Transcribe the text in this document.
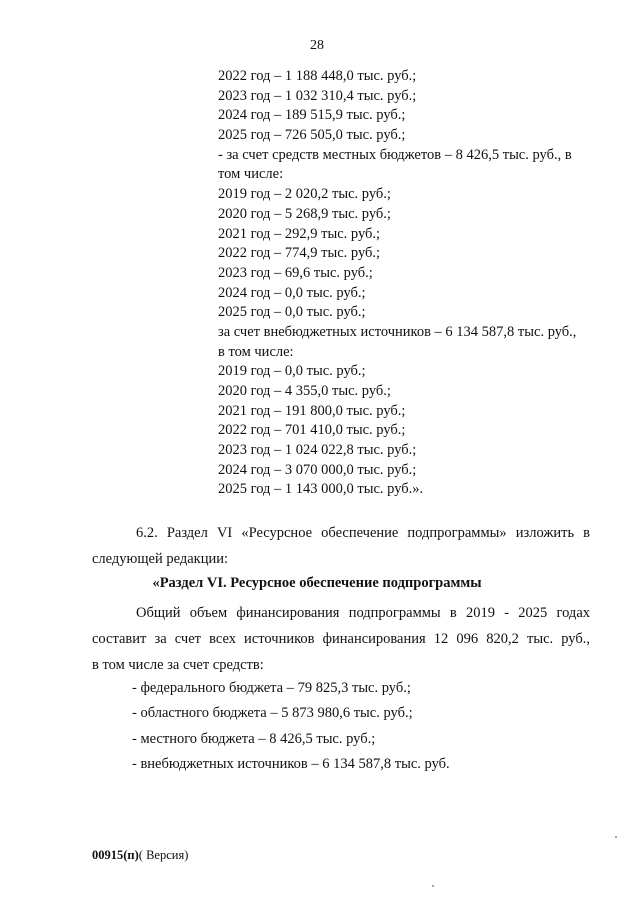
28
2022 год – 1 188 448,0 тыс. руб.;
2023 год – 1 032 310,4 тыс. руб.;
2024 год – 189 515,9 тыс. руб.;
2025 год – 726 505,0 тыс. руб.;
- за счет средств местных бюджетов – 8 426,5 тыс. руб., в
том числе:
2019 год – 2 020,2 тыс. руб.;
2020 год – 5 268,9 тыс. руб.;
2021 год – 292,9 тыс. руб.;
2022 год – 774,9 тыс. руб.;
2023 год – 69,6 тыс. руб.;
2024 год – 0,0 тыс. руб.;
2025 год – 0,0 тыс. руб.;
за счет внебюджетных источников – 6 134 587,8 тыс. руб.,
в том числе:
2019 год – 0,0 тыс. руб.;
2020 год – 4 355,0 тыс. руб.;
2021 год – 191 800,0 тыс. руб.;
2022 год – 701 410,0 тыс. руб.;
2023 год – 1 024 022,8 тыс. руб.;
2024 год – 3 070 000,0 тыс. руб.;
2025 год – 1 143 000,0 тыс. руб.».
6.2. Раздел VI «Ресурсное обеспечение подпрограммы» изложить в
следующей редакции:
«Раздел VI. Ресурсное обеспечение подпрограммы
Общий объем финансирования подпрограммы в 2019 - 2025 годах
составит за счет всех источников финансирования 12 096 820,2 тыс. руб.,
в том числе за счет средств:
- федерального бюджета – 79 825,3 тыс. руб.;
- областного бюджета – 5 873 980,6 тыс. руб.;
- местного бюджета – 8 426,5 тыс. руб.;
- внебюджетных источников – 6 134 587,8 тыс. руб.
00915(п)( Версия)
